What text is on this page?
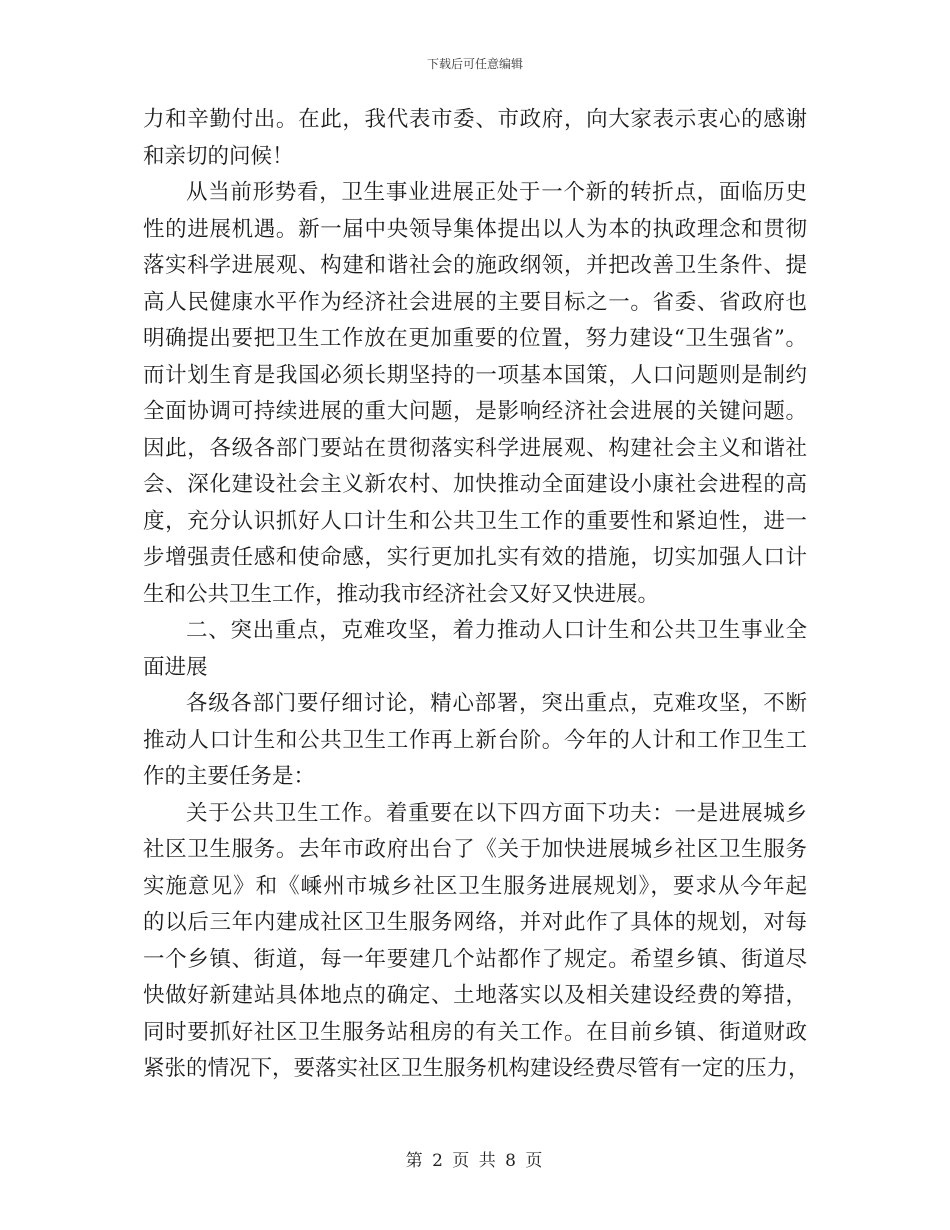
下载后可任意编辑
力和辛勤付出。在此，我代表市委、市政府，向大家表示衷心的感谢
和亲切的问候！
从当前形势看，卫生事业进展正处于一个新的转折点，面临历史
性的进展机遇。新一届中央领导集体提出以人为本的执政理念和贯彻
落实科学进展观、构建和谐社会的施政纲领，并把改善卫生条件、提
高人民健康水平作为经济社会进展的主要目标之一。省委、省政府也
明确提出要把卫生工作放在更加重要的位置，努力建设“卫生强省”。
而计划生育是我国必须长期坚持的一项基本国策，人口问题则是制约
全面协调可持续进展的重大问题，是影响经济社会进展的关键问题。
因此，各级各部门要站在贯彻落实科学进展观、构建社会主义和谐社
会、深化建设社会主义新农村、加快推动全面建设小康社会进程的高
度，充分认识抓好人口计生和公共卫生工作的重要性和紧迫性，进一
步增强责任感和使命感，实行更加扎实有效的措施，切实加强人口计
生和公共卫生工作，推动我市经济社会又好又快进展。
二、突出重点，克难攻坚，着力推动人口计生和公共卫生事业全
面进展
各级各部门要仔细讨论，精心部署，突出重点，克难攻坚，不断
推动人口计生和公共卫生工作再上新台阶。今年的人计和工作卫生工
作的主要任务是：
关于公共卫生工作。着重要在以下四方面下功夫：一是进展城乡
社区卫生服务。去年市政府出台了《关于加快进展城乡社区卫生服务
实施意见》和《嵊州市城乡社区卫生服务进展规划》，要求从今年起
的以后三年内建成社区卫生服务网络，并对此作了具体的规划，对每
一个乡镇、街道，每一年要建几个站都作了规定。希望乡镇、街道尽
快做好新建站具体地点的确定、土地落实以及相关建设经费的筹措，
同时要抓好社区卫生服务站租房的有关工作。在目前乡镇、街道财政
紧张的情况下，要落实社区卫生服务机构建设经费尽管有一定的压力，
第 2 页 共 8 页
